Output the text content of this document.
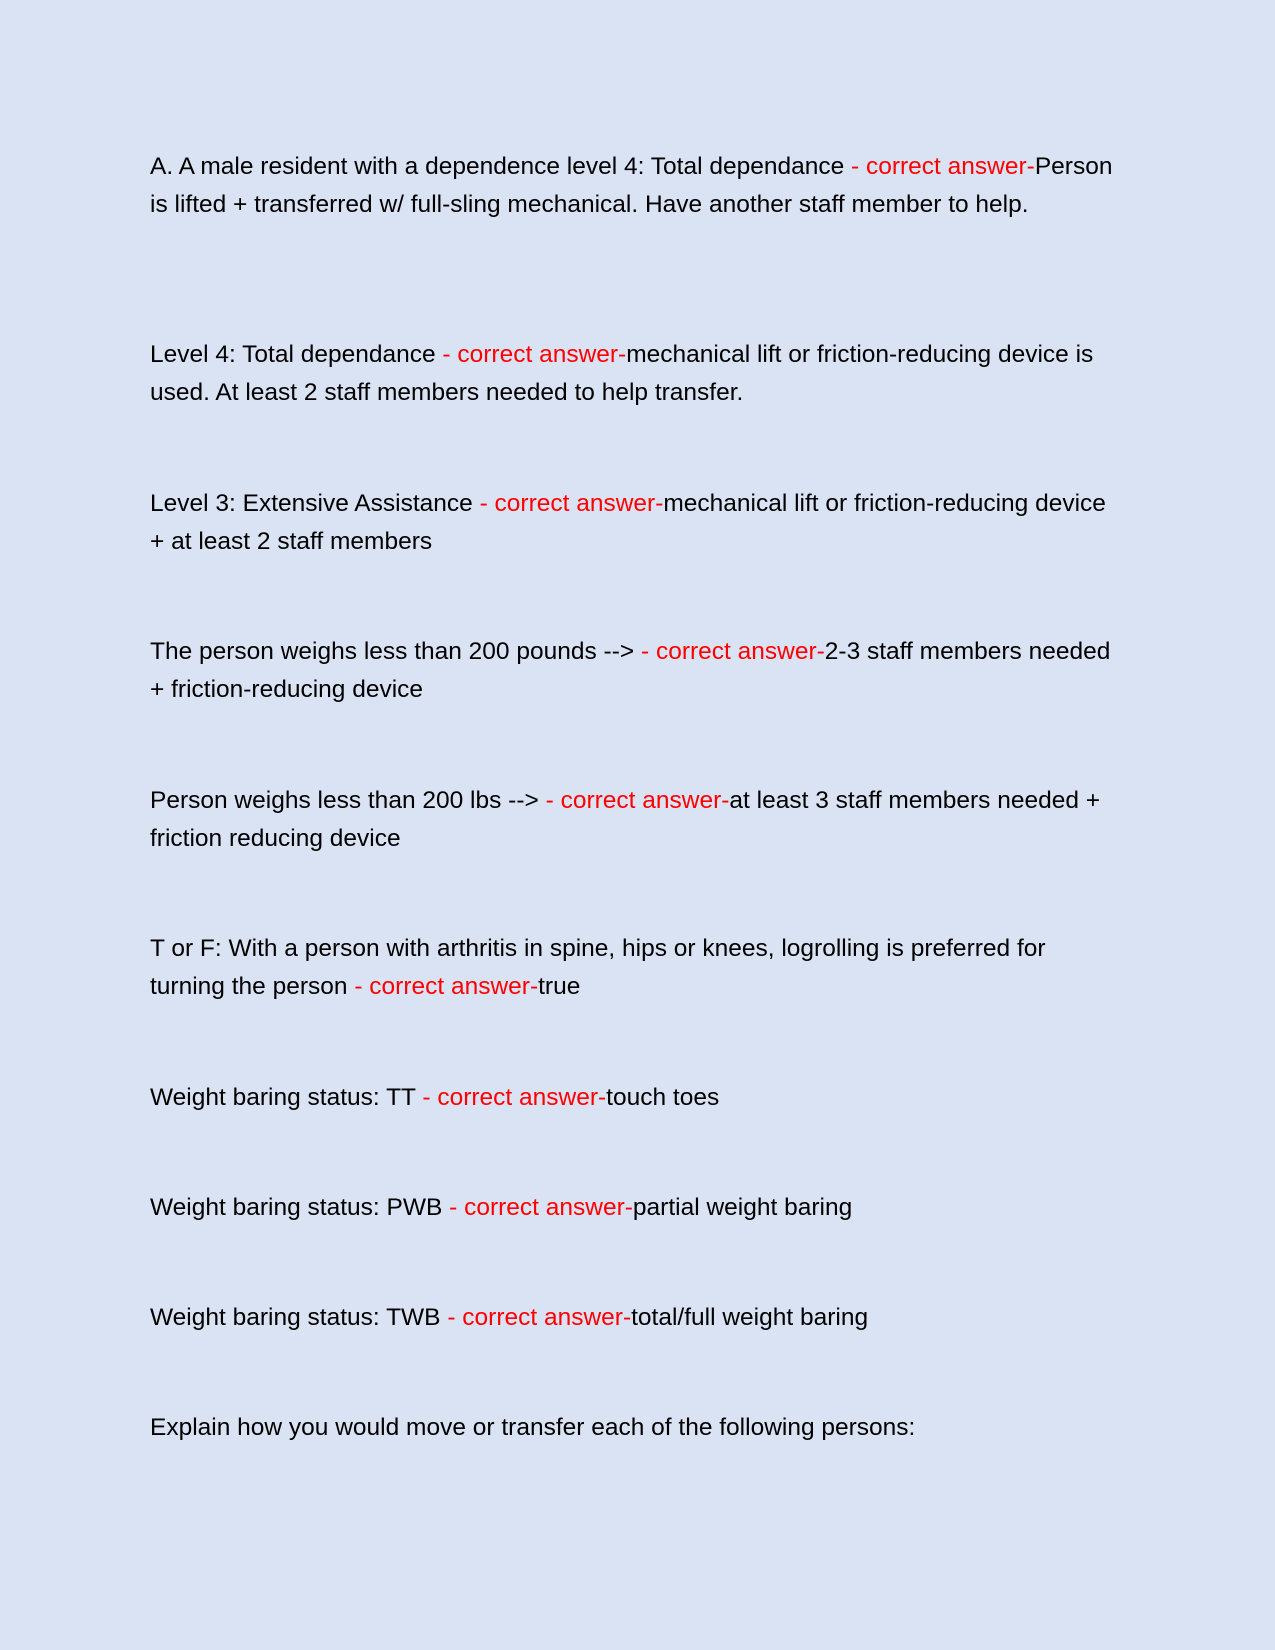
A. A male resident with a dependence level 4: Total dependance - correct answer-Person is lifted + transferred w/ full-sling mechanical. Have another staff member to help.

Level 4: Total dependance - correct answer-mechanical lift or friction-reducing device is used. At least 2 staff members needed to help transfer.

Level 3: Extensive Assistance - correct answer-mechanical lift or friction-reducing device + at least 2 staff members

The person weighs less than 200 pounds --> - correct answer-2-3 staff members needed + friction-reducing device

Person weighs less than 200 lbs --> - correct answer-at least 3 staff members needed + friction reducing device

T or F: With a person with arthritis in spine, hips or knees, logrolling is preferred for turning the person - correct answer-true

Weight baring status: TT - correct answer-touch toes

Weight baring status: PWB - correct answer-partial weight baring

Weight baring status: TWB - correct answer-total/full weight baring

Explain how you would move or transfer each of the following persons:
